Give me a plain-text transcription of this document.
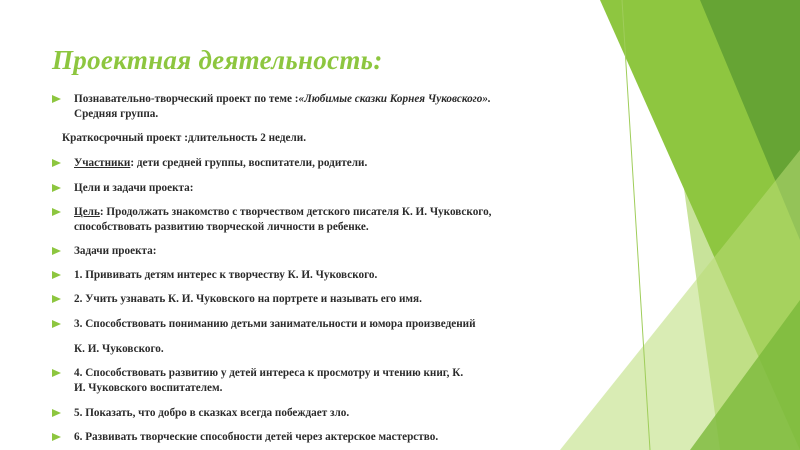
Проектная деятельность:
Познавательно-творческий проект по теме :«Любимые сказки Корнея Чуковского».
Средняя группа.
Краткосрочный проект :длительность 2 недели.
Участники: дети средней группы, воспитатели, родители.
Цели и задачи проекта:
Цель: Продолжать знакомство с творчеством детского писателя К. И. Чуковского,
способствовать развитию творческой личности в ребенке.
Задачи проекта:
1. Прививать детям интерес к творчеству К. И. Чуковского.
2. Учить узнавать К. И. Чуковского на портрете и называть его имя.
3. Способствовать пониманию детьми занимательности и юмора произведений
К. И. Чуковского.
4. Способствовать развитию у детей интереса к просмотру и чтению книг, К.
И. Чуковского воспитателем.
5. Показать, что добро в сказках всегда побеждает зло.
6. Развивать творческие способности детей через актерское мастерство.
